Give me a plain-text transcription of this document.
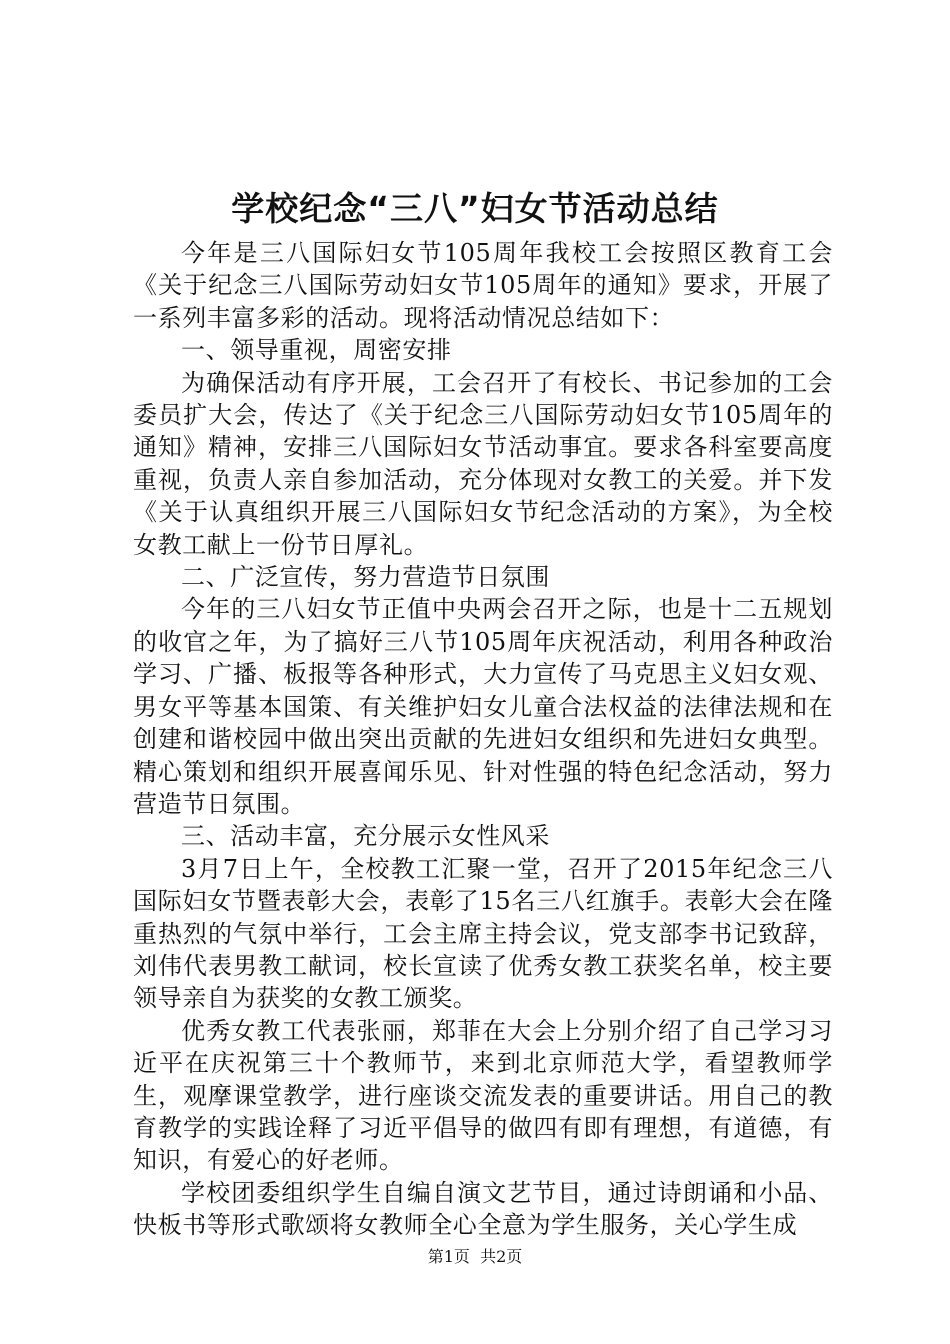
学校纪念“三八”妇女节活动总结

今年是三八国际妇女节105周年我校工会按照区教育工会《关于纪念三八国际劳动妇女节105周年的通知》要求，开展了一系列丰富多彩的活动。现将活动情况总结如下：

一、领导重视，周密安排

为确保活动有序开展，工会召开了有校长、书记参加的工会委员扩大会，传达了《关于纪念三八国际劳动妇女节105周年的通知》精神，安排三八国际妇女节活动事宜。要求各科室要高度重视，负责人亲自参加活动，充分体现对女教工的关爱。并下发《关于认真组织开展三八国际妇女节纪念活动的方案》，为全校女教工献上一份节日厚礼。

二、广泛宣传，努力营造节日氛围

今年的三八妇女节正值中央两会召开之际，也是十二五规划的收官之年，为了搞好三八节105周年庆祝活动，利用各种政治学习、广播、板报等各种形式，大力宣传了马克思主义妇女观、男女平等基本国策、有关维护妇女儿童合法权益的法律法规和在创建和谐校园中做出突出贡献的先进妇女组织和先进妇女典型。精心策划和组织开展喜闻乐见、针对性强的特色纪念活动，努力营造节日氛围。

三、活动丰富，充分展示女性风采

3月7日上午，全校教工汇聚一堂，召开了2015年纪念三八国际妇女节暨表彰大会，表彰了15名三八红旗手。表彰大会在隆重热烈的气氛中举行，工会主席主持会议，党支部李书记致辞，刘伟代表男教工献词，校长宣读了优秀女教工获奖名单，校主要领导亲自为获奖的女教工颁奖。

优秀女教工代表张丽，郑菲在大会上分别介绍了自己学习习近平在庆祝第三十个教师节，来到北京师范大学，看望教师学生，观摩课堂教学，进行座谈交流发表的重要讲话。用自己的教育教学的实践诠释了习近平倡导的做四有即有理想，有道德，有知识，有爱心的好老师。

学校团委组织学生自编自演文艺节目，通过诗朗诵和小品、快板书等形式歌颂将女教师全心全意为学生服务，关心学生成

第1页 共2页
